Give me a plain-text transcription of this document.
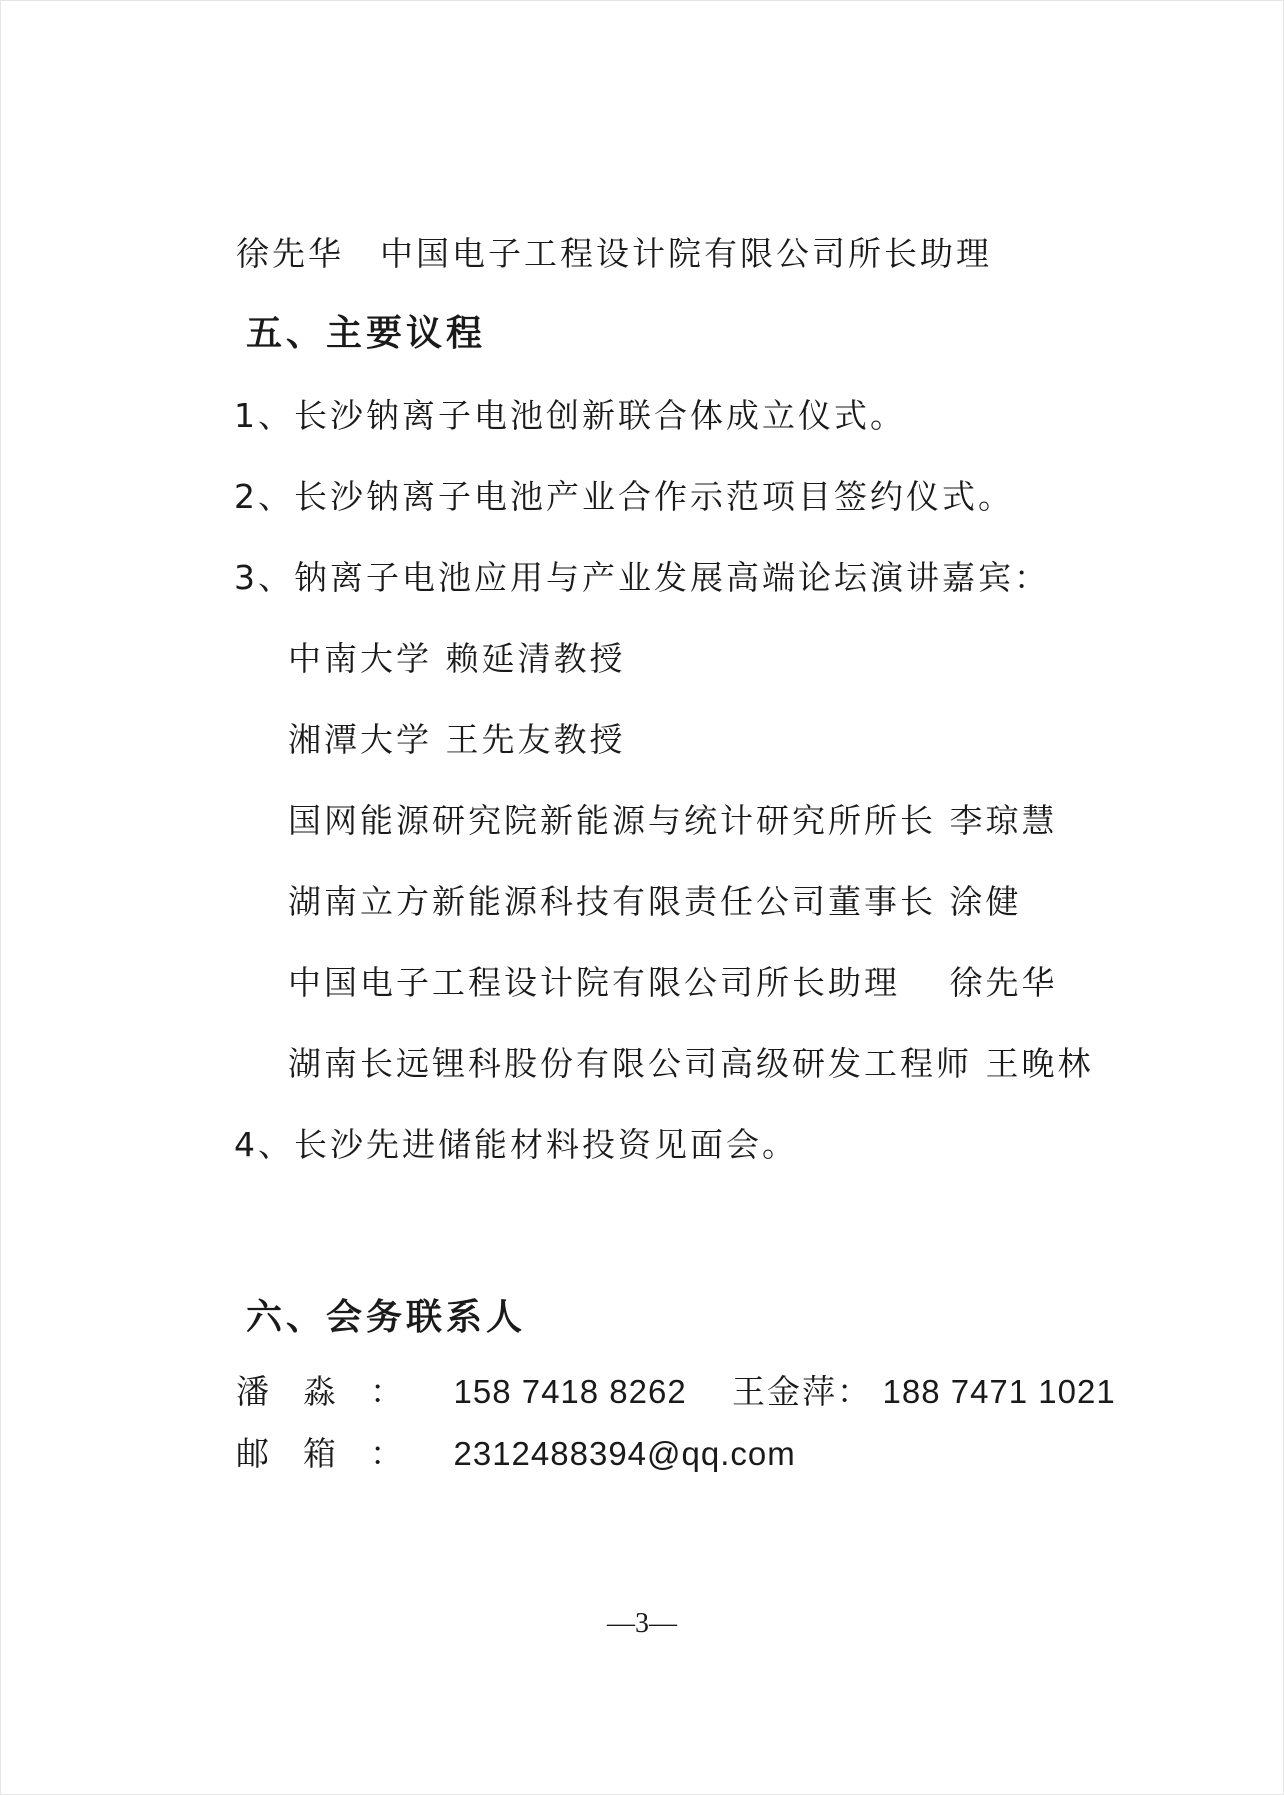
徐先华　中国电子工程设计院有限公司所长助理
五、主要议程
1、长沙钠离子电池创新联合体成立仪式。
2、长沙钠离子电池产业合作示范项目签约仪式。
3、钠离子电池应用与产业发展高端论坛演讲嘉宾：
中南大学 赖延清教授
湘潭大学 王先友教授
国网能源研究院新能源与统计研究所所长 李琼慧
湖南立方新能源科技有限责任公司董事长 涂健
中国电子工程设计院有限公司所长助理　 徐先华
湖南长远锂科股份有限公司高级研发工程师 王晚林
4、长沙先进储能材料投资见面会。
六、会务联系人
潘淼： 158 7418 8262 王金萍： 188 7471 1021
邮箱： 2312488394@qq.com
—3—
